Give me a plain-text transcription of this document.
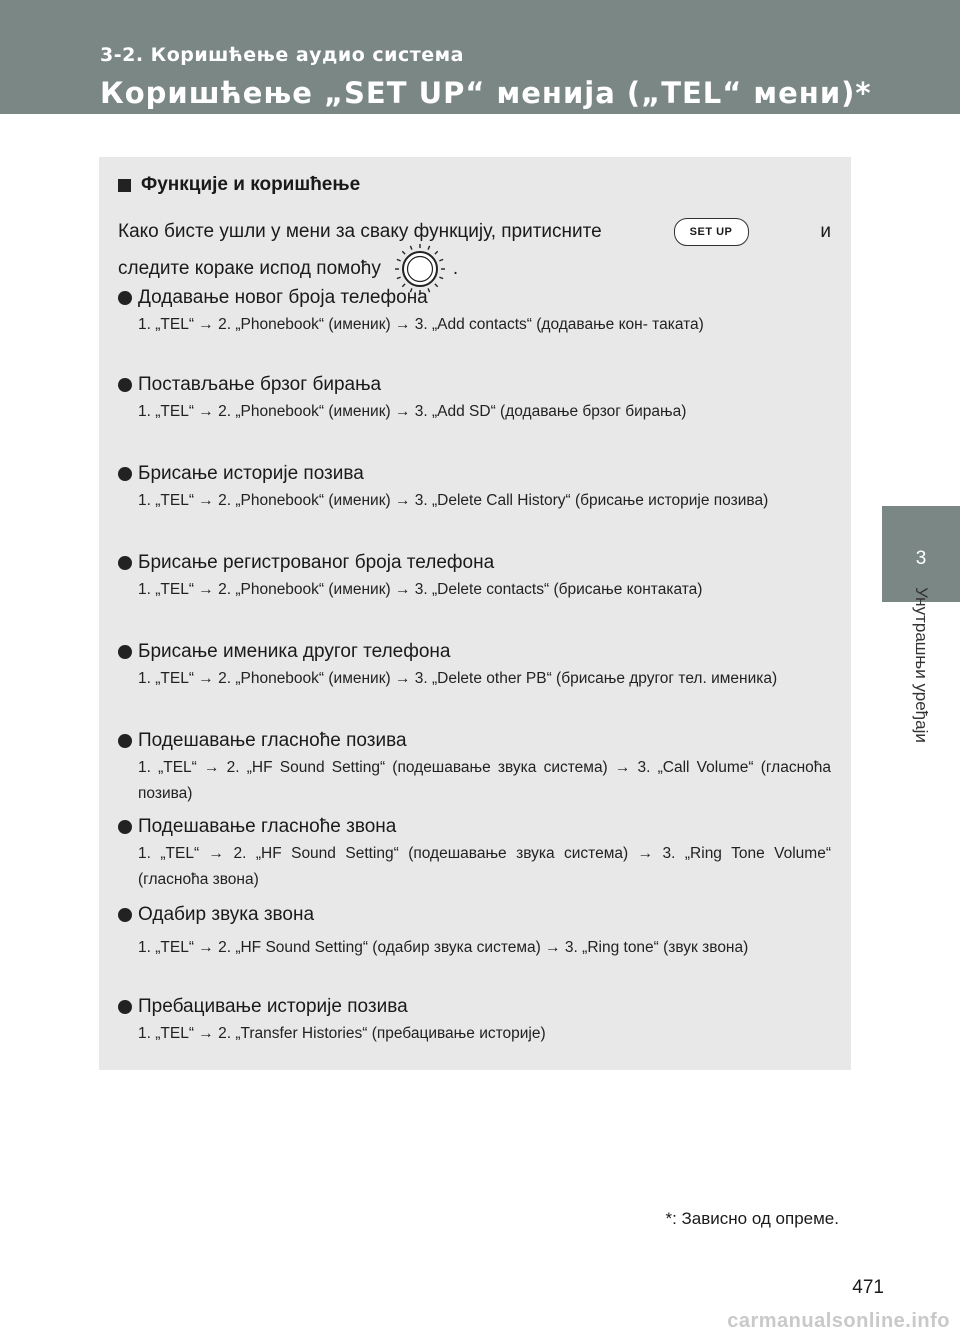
3-2. Коришћење аудио система
Коришћење „SET UP“ менија („TEL“ мени)*
3
Унутрашњи уређаји
Функције и коришћење
Како бисте ушли у мени за сваку функцију, притисните	SET UP	и
следите кораке испод помоћу	.
Додавање новог броја телефона
1. „TEL“ → 2. „Phonebook“ (именик) → 3. „Add contacts“ (додавање кон- таката)
Постављање брзог бирања
1. „TEL“ → 2. „Phonebook“ (именик) → 3. „Add SD“ (додавање брзог бирања)
Брисање историје позива
1. „TEL“ → 2. „Phonebook“ (именик) → 3. „Delete Call History“ (брисање историје позива)
Брисање регистрованог броја телефона
1. „TEL“ → 2. „Phonebook“ (именик) → 3. „Delete contacts“ (брисање контаката)
Брисање именика другог телефона
1. „TEL“ → 2. „Phonebook“ (именик) → 3. „Delete other PB“ (брисање другог тел. именика)
Подешавање гласноће позива
1. „TEL“ → 2. „HF Sound Setting“ (подешавање звука система) → 3. „Call Volume“ (гласноћа позива)
Подешавање гласноће звона
1. „TEL“ → 2. „HF Sound Setting“ (подешавање звука система) → 3. „Ring Tone Volume“ (гласноћа звона)
Одабир звука звона
1. „TEL“ → 2. „HF Sound Setting“ (одабир звука система) → 3. „Ring tone“ (звук звона)
Пребацивање историје позива
1. „TEL“ → 2. „Transfer Histories“ (пребацивање историје)
*: Зависно од опреме.
471
carmanualsonline.info
